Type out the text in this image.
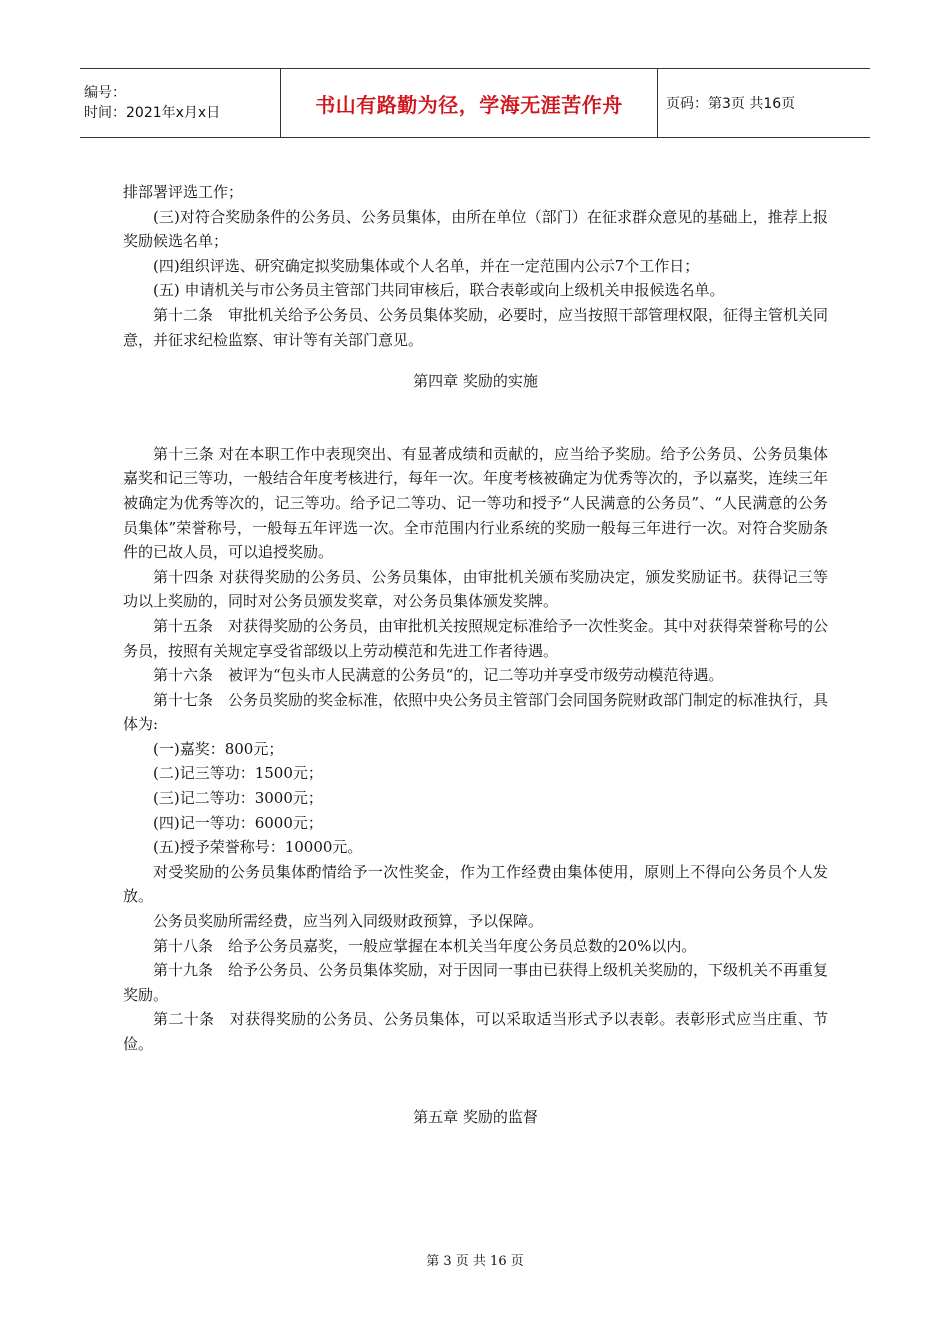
编号：
时间：2021年x月x日	书山有路勤为径，学海无涯苦作舟	页码：第3页 共16页

排部署评选工作；

(三)对符合奖励条件的公务员、公务员集体，由所在单位（部门）在征求群众意见的基础上，推荐上报奖励候选名单；

(四)组织评选、研究确定拟奖励集体或个人名单，并在一定范围内公示7个工作日；

(五) 申请机关与市公务员主管部门共同审核后，联合表彰或向上级机关申报候选名单。

第十二条　审批机关给予公务员、公务员集体奖励，必要时，应当按照干部管理权限，征得主管机关同意，并征求纪检监察、审计等有关部门意见。

第四章 奖励的实施

第十三条 对在本职工作中表现突出、有显著成绩和贡献的，应当给予奖励。给予公务员、公务员集体嘉奖和记三等功，一般结合年度考核进行，每年一次。年度考核被确定为优秀等次的，予以嘉奖，连续三年被确定为优秀等次的，记三等功。给予记二等功、记一等功和授予“人民满意的公务员”、“人民满意的公务员集体”荣誉称号，一般每五年评选一次。全市范围内行业系统的奖励一般每三年进行一次。对符合奖励条件的已故人员，可以追授奖励。

第十四条 对获得奖励的公务员、公务员集体，由审批机关颁布奖励决定，颁发奖励证书。获得记三等功以上奖励的，同时对公务员颁发奖章，对公务员集体颁发奖牌。

第十五条　对获得奖励的公务员，由审批机关按照规定标准给予一次性奖金。其中对获得荣誉称号的公务员，按照有关规定享受省部级以上劳动模范和先进工作者待遇。

第十六条　被评为“包头市人民满意的公务员“的，记二等功并享受市级劳动模范待遇。

第十七条　公务员奖励的奖金标准，依照中央公务员主管部门会同国务院财政部门制定的标准执行，具体为:

(一)嘉奖：800元；

(二)记三等功：1500元；

(三)记二等功：3000元；

(四)记一等功：6000元；

(五)授予荣誉称号：10000元。

对受奖励的公务员集体酌情给予一次性奖金，作为工作经费由集体使用，原则上不得向公务员个人发放。

公务员奖励所需经费，应当列入同级财政预算，予以保障。

第十八条　给予公务员嘉奖，一般应掌握在本机关当年度公务员总数的20%以内。

第十九条　给予公务员、公务员集体奖励，对于因同一事由已获得上级机关奖励的，下级机关不再重复奖励。

第二十条　对获得奖励的公务员、公务员集体，可以采取适当形式予以表彰。表彰形式应当庄重、节俭。

第五章 奖励的监督

第 3 页 共 16 页
